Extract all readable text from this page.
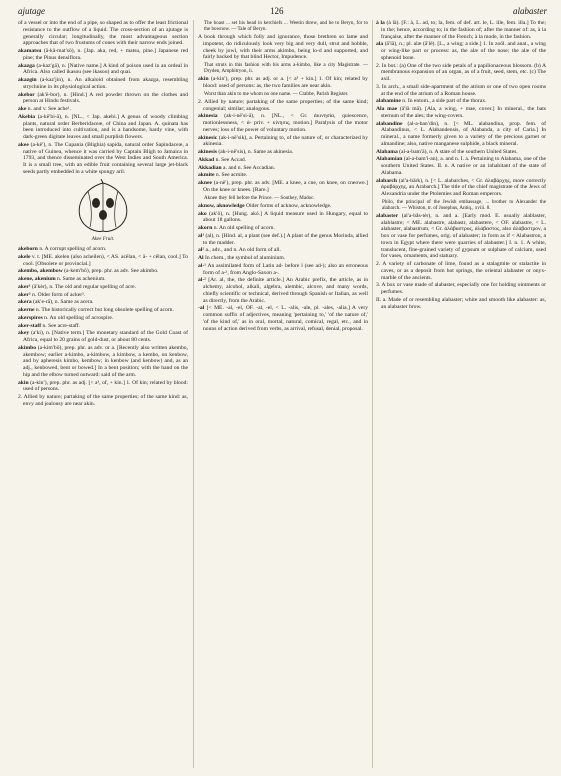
ajutage	126	alabaster
of a vessel or into the end of a pipe, so shaped as to offer the least frictional resistance to the outflow of a liquid. The cross-section of an ajutage is generally circular; longitudinally, the most advantageous section approaches that of two frustums of cones with their narrow ends joined.
akamatsu (ä-kä-mat′sö), n. [Jap. aka, red, + matsu, pine.] Japanese red pine; the Pinus densiflora.
akazga (a-kaz′gä), n. [Native name.] A kind of poison used in an ordeal in Africa. Also called ikasou (see ikasou) and quai.
akazgin (a-kaz′jin), n. An alkaloid obtained from akazga, resembling strychnine in its physiological action.
akebor (ak′ē-bor), n. [Hind.] A red powder thrown on the clothes and person at Hindu festivals.
ake n. and v. See ache¹.
Akebia (a-kē′bi-ä), n. [NL., < Jap. akebi.] A genus of woody climbing plants, natural order Berberidaceæ, of China and Japan. A. quinata has been introduced into cultivation, and is a handsome, hardy vine, with dark-green digitate leaves and small purplish flowers.
akee (a-kē′), n. The Cupania (Blighia) sapida, natural order Sapindaceæ, a native of Guinea, whence it was carried by Captain Bligh to Jamaica in 1793, and thence disseminated over the West Indies and South America. It is a small tree, with an edible fruit containing several large jet-black seeds partly embedded in a white spongy aril.
Akee Fruit.
akeborn n. A corrupt spelling of acorn.
akele v. t. [ME. akelen (also acheilen), < AS. acēlan, < ā- + cēlan, cool.] To cool. [Obsolete or provincial.]
akembo, akembow (a-kem′bō), prep. phr. as adv. See akimbo.
akene, akenium n. Same as achenium.
aker¹ (ā′kėr), n. The old and regular spelling of acre.
aker² n. Older form of acker².
akera (ak′e-rä), n. Same as acera.
akerne n. The historically correct but long obsolete spelling of acorn.
akerspires n. An old spelling of acrospire.
aker-staff n. See acre-staff.
akey (a′ki), n. [Native term.] The monetary standard of the Gold Coast of Africa, equal to 20 grains of gold-dust, or about 80 cents.
akimbo (a-kim′bō), prep. phr. as adv. or a. [Recently also written akembo, akembow; earlier a-kimbo, a-kimbow, a kimbow, a kembo, on kenbow, and by apheresis kimbo, kembow; in kenbow (and kenbow) and, as an adj., kenbowed, bent or bowed.] In a bent position; with the hand on the hip and the elbow turned outward: said of the arm.
akin (a-kin′), prep. phr. as adj. [< a³, of, + kin.] 1. Of kin; related by blood: used of persons.
2. Allied by nature; partaking of the same properties; of the same kind: as, envy and jealousy are near akin.
The boast ... set his head in kerchiefs ... Weetin threw, and he to Beryn, for to the bownow. — Tale of Beryn.
A book through which folly and ignorance, those brethren so lame and impotent, do ridiculously look very big and very dull, strut and hobble, cheek by jowl, with their arms akimbo, being lo-d and supported, and fairly backed by that blind Hector, Impudence.
That struts in this fashion with his arms a-kimbo, like a city Magistrate. — Dryden, Amphitryon, ii.
akin (a-kin′), prep. phr. as adj. or a. [< a³ + kin.] 1. Of kin; related by blood: used of persons: as, the two families are near akin.
Worst than akin to me whom no one name. — Crabbe, Parish Register.
2. Allied by nature; partaking of the same properties; of the same kind; congenial; similar; analogous.
akinesia (ak-i-nē′si-ä), n. [NL., < Gr. ἀκινησία, quiescence, motionlessness, < ἀ- priv. + κίνησις, motion.] Paralysis of the motor nerves; loss of the power of voluntary motion.
akinesic (ak-i-nē′sik), a. Pertaining to, of the nature of, or characterized by akinesia.
akinesis (ak-i-nē′sis), n. Same as akinesia.
Akkad n. See Accad.
Akkadian a. and n. See Accadian.
akmite n. See acmite.
aknee (a-nē′), prep. phr. as adv. [ME. a knee, a cne, on knee, on cneowe.] On the knee or knees. [Rare.]
Aknee they fell before the Prince. — Southey, Madoc.
aknow, aknowledge Older forms of acknow, acknowledge.
ako (ak′ō), n. [Hung. akó.] A liquid measure used in Hungary, equal to about 18 gallons.
akorn n. An old spelling of acorn.
al¹ (al), n. [Hind. al, a plant (see def.).] A plant of the genus Morinda, allied to the madder.
al² a., adv., and n. An old form of all.
Al In chem., the symbol of aluminium.
al-¹ An assimilated form of Latin ad- before l (see ad-); also an erroneous form of a-¹, from Anglo-Saxon a-.
al-² [Ar. al, the, the definite article.] An Arabic prefix, the article, as in alchemy, alcohol, alkali, algebra, alembic, alcove, and many words, chiefly scientific or technical, derived through Spanish or Italian, as well as directly, from the Arabic.
-al [< ME. -al, -el, OF. -al, -el, < L. -alis, -ale, pl. -ales, -alia.] A very common suffix of adjectives, meaning 'pertaining to,' 'of the nature of,' 'of the kind of,' as in oral, mortal, natural, comical, regal, etc., and in nouns of action derived from verbs, as arrival, refusal, denial, proposal.
à la (à lä). [F.: à, L. ad, to; la, fem. of def. art. le, L. ille, fem. illa.] To the; in the; hence, according to; in the fashion of; after the manner of: as, à la française, after the manner of the French; à la mode, in the fashion.
ala (ā′lä), n.; pl. alæ (ā′lē). [L., a wing; a side.] 1. In zoöl. and anat., a wing or wing-like part or process: as, the alæ of the nose; the alæ of the sphenoid bone.
2. In bot.: (a) One of the two side petals of a papilionaceous blossom. (b) A membranous expansion of an organ, as of a fruit, seed, stem, etc. (c) The axil.
3. In arch., a small side-apartment of the atrium or one of two open rooms at the end of the atrium of a Roman house.
alabamine n. In entom., a side part of the thorax.
Ala mae (ā′lä mā). [Ala, a wing, + mae, cover.] In mineral., the bats sternum of the ales; the wing-covers.
alabandine (al-a-ban′din), n. [< ML. alabandina, prop. fem. of Alabandinus, < L. Alabandensis, of Alabanda, a city of Caria.] In mineral., a name formerly given to a variety of the precious garnet or almandine; also, native manganese sulphide, a black mineral.
Alabama (al-a-bam′ä), n. A state of the southern United States.
Alabamian (al-a-bam′i-an), a. and n. I. a. Pertaining to Alabama, one of the southern United States. II. n. A native or an inhabitant of the state of Alabama.
alabarch (al′a-bärk), n. [< L. alabarches, < Gr. ἀλαβάρχης, more correctly ἀραβάρχης, an Arabarch.] The title of the chief magistrate of the Jews of Alexandria under the Ptolemies and Roman emperors.
Philo, the principal of the Jewish embassage, ... brother to Alexander the alabarch. — Whiston, tr. of Josephus, Antiq., xviii. 8.
alabaster (al′a-bås-tėr), n. and a. [Early mod. E. usually alablaster, alablastre; < ME. alabastre, alabastr, alabastere, < OF. alabastre, < L. alabaster, alabastrum, < Gr. ἀλάβαστρος, ἀλάβαστος, also ἀλάβαστρον, a box or vase for perfumes, orig. of alabaster; in form as if < Alabastron, a town in Egypt where there were quarries of alabaster.] I. n. 1. A white, translucent, fine-grained variety of gypsum or sulphate of calcium, used for vases, ornaments, and statuary.
2. A variety of carbonate of lime, found as a stalagmite or stalactite in caves, or as a deposit from hot springs, the oriental alabaster or onyx-marble of the ancients.
3. A box or vase made of alabaster, especially one for holding ointments or perfumes.
II. a. Made of or resembling alabaster; white and smooth like alabaster: as, an alabaster brow.
